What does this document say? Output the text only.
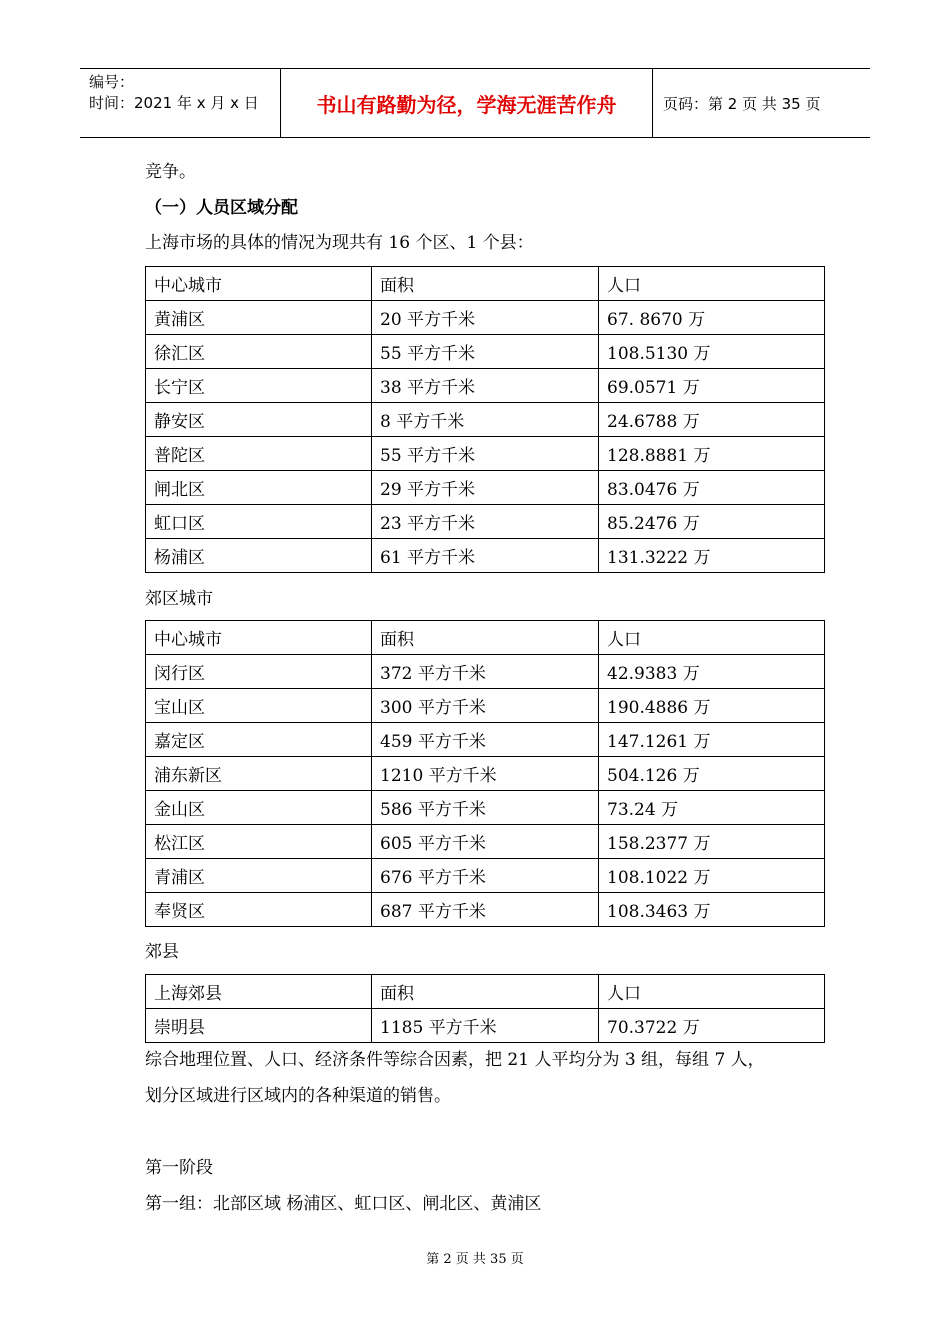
编号：
时间：2021 年 x 月 x 日	书山有路勤为径，学海无涯苦作舟	页码：第 2 页 共 35 页
竞争。
（一）人员区域分配
上海市场的具体的情况为现共有 16 个区、1 个县：
中心城市	面积	人口
黄浦区	20 平方千米	67. 8670 万
徐汇区	55 平方千米	108.5130 万
长宁区	38 平方千米	69.0571 万
静安区	8 平方千米	24.6788 万
普陀区	55 平方千米	128.8881 万
闸北区	29 平方千米	83.0476 万
虹口区	23 平方千米	85.2476 万
杨浦区	61 平方千米	131.3222 万
郊区城市
中心城市	面积	人口
闵行区	372 平方千米	42.9383 万
宝山区	300 平方千米	190.4886 万
嘉定区	459 平方千米	147.1261 万
浦东新区	1210 平方千米	504.126 万
金山区	586 平方千米	73.24 万
松江区	605 平方千米	158.2377 万
青浦区	676 平方千米	108.1022 万
奉贤区	687 平方千米	108.3463 万
郊县
上海郊县	面积	人口
崇明县	1185 平方千米	70.3722 万
综合地理位置、人口、经济条件等综合因素，把 21 人平均分为 3 组，每组 7 人，
划分区域进行区域内的各种渠道的销售。
第一阶段
第一组：北部区域 杨浦区、虹口区、闸北区、黄浦区
第 2 页 共 35 页
